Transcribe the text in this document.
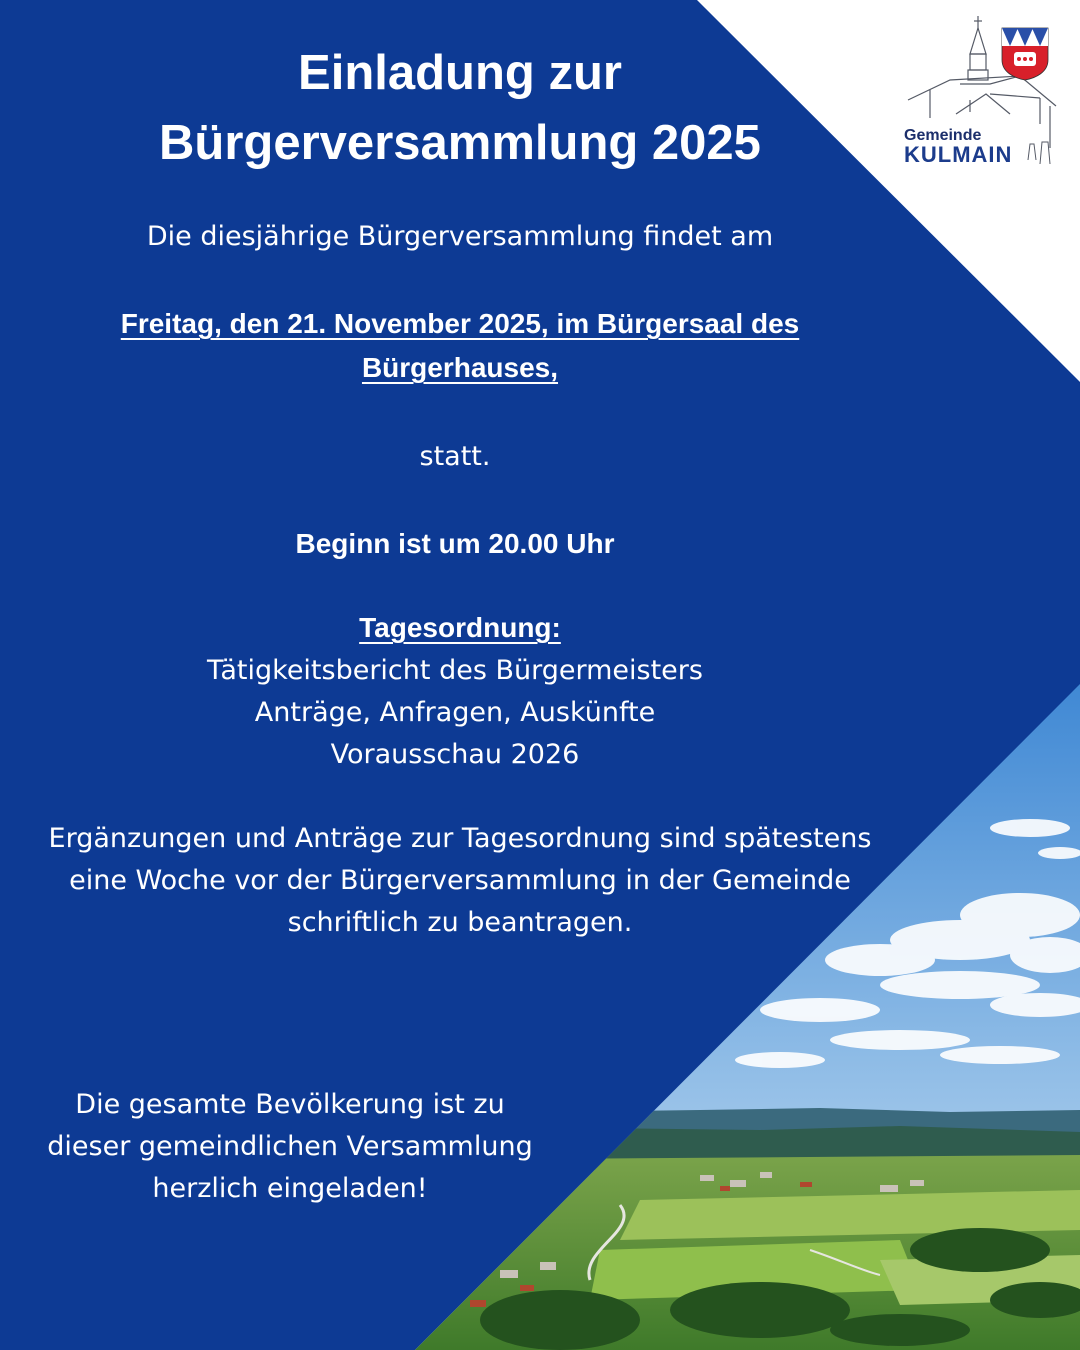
Gemeinde
KULMAIN
Einladung zur
Bürgerversammlung 2025
Die diesjährige Bürgerversammlung findet am
Freitag, den 21. November 2025, im Bürgersaal des
Bürgerhauses,
statt.
Beginn ist um 20.00 Uhr
Tagesordnung:
Tätigkeitsbericht des Bürgermeisters
Anträge, Anfragen, Auskünfte
Vorausschau 2026
Ergänzungen und Anträge zur Tagesordnung sind spätestens
eine Woche vor der Bürgerversammlung in der Gemeinde
schriftlich zu beantragen.
Die gesamte Bevölkerung ist zu
dieser gemeindlichen Versammlung
herzlich eingeladen!
